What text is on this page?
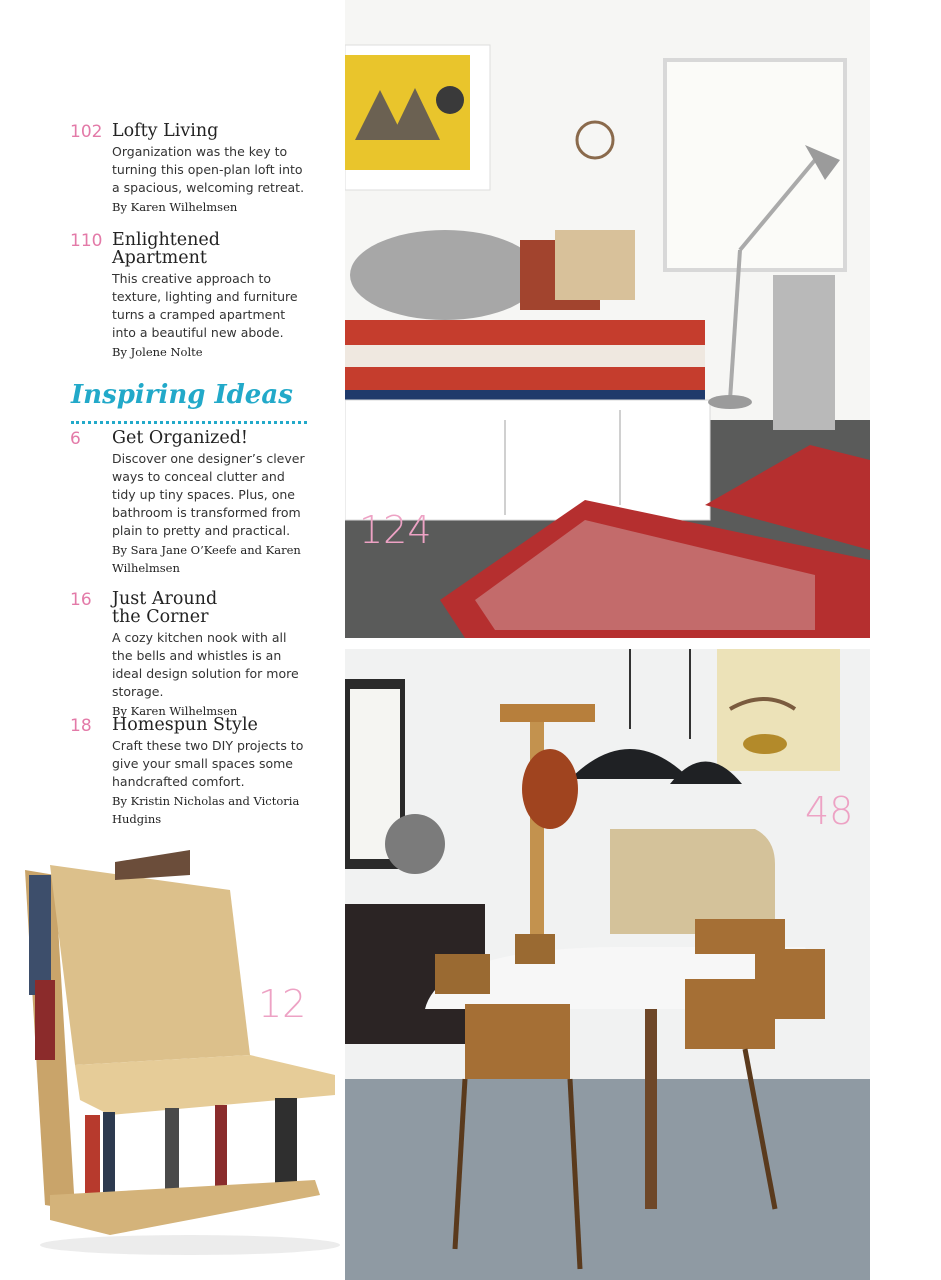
102 Lofty Living
Organization was the key to turning this open-plan loft into a spacious, welcoming retreat.
By Karen Wilhelmsen
110 Enlightened Apartment
This creative approach to texture, lighting and furniture turns a cramped apartment into a beautiful new abode.
By Jolene Nolte
Inspiring Ideas
6	Get Organized!
Discover one designer’s clever ways to conceal clutter and tidy up tiny spaces. Plus, one bathroom is transformed from plain to pretty and practical.
By Sara Jane O’Keefe and Karen Wilhelmsen
16	Just Around the Corner
A cozy kitchen nook with all the bells and whistles is an ideal design solution for more storage.
By Karen Wilhelmsen
18	Homespun Style
Craft these two DIY projects to give your small spaces some handcrafted comfort.
By Kristin Nicholas and Victoria Hudgins
12
124
48
